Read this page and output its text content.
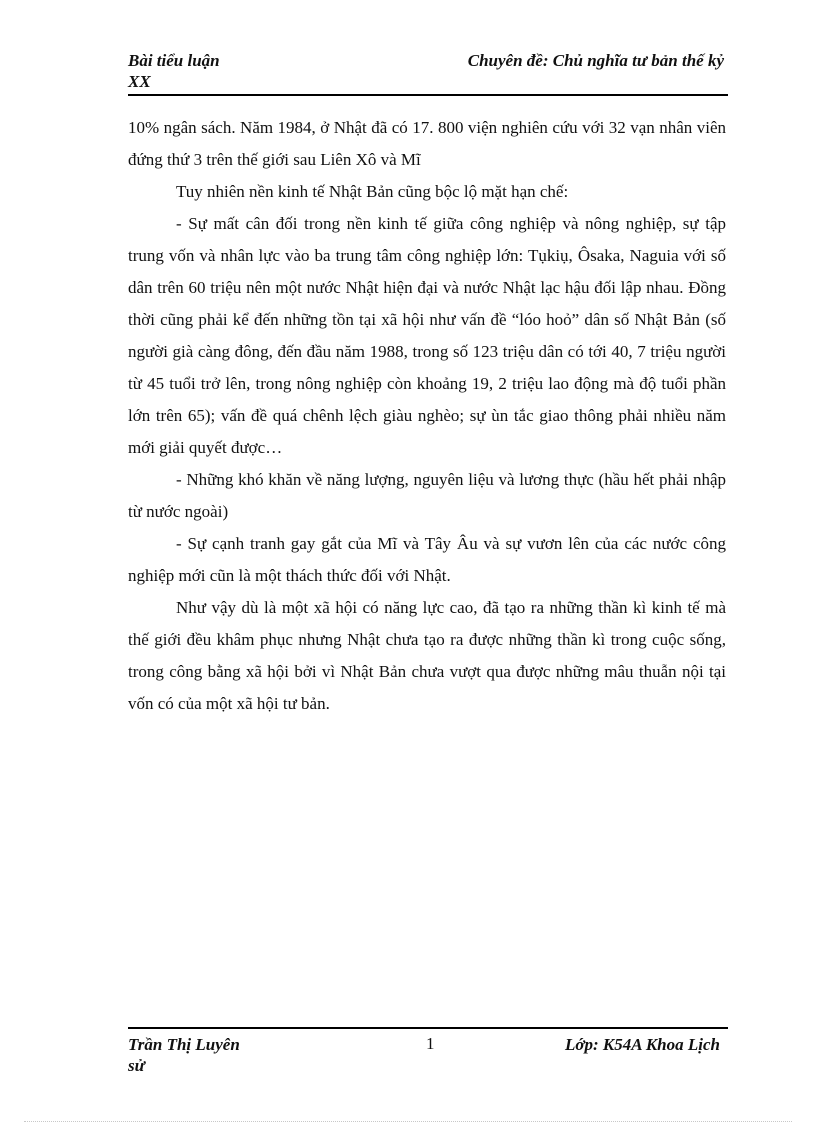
Bài tiểu luận
XX
Chuyên đề: Chủ nghĩa tư bản thế kỷ

10% ngân sách. Năm 1984, ở Nhật đã có 17. 800 viện nghiên cứu với 32 vạn nhân viên đứng thứ 3 trên thế giới sau Liên Xô và Mĩ

Tuy nhiên nền kinh tế Nhật Bản cũng bộc lộ mặt hạn chế:

- Sự mất cân đối trong nền kinh tế giữa công nghiệp và nông nghiệp, sự tập trung vốn và nhân lực vào ba trung tâm công nghiệp lớn: Tụkiụ, Ôsaka, Naguia với số dân trên 60 triệu nên một nước Nhật hiện đại và nước Nhật lạc hậu đối lập nhau. Đồng thời cũng phải kể đến những tồn tại xã hội như vấn đề “lóo hoỏ” dân số Nhật Bản (số người già càng đông, đến đầu năm 1988, trong số 123 triệu dân có tới 40, 7 triệu người từ 45 tuổi trở lên, trong nông nghiệp còn khoảng 19, 2 triệu lao động mà độ tuổi phần lớn trên 65); vấn đề quá chênh lệch giàu nghèo; sự ùn tắc giao thông phải nhiều năm mới giải quyết được…

- Những khó khăn về năng lượng, nguyên liệu và lương thực (hầu hết phải nhập từ nước ngoài)

- Sự cạnh tranh gay gắt của Mĩ và Tây Âu và sự vươn lên của các nước công nghiệp mới cũn là một thách thức đối với Nhật.

Như vậy dù là một xã hội có năng lực cao, đã tạo ra những thần kì kinh tế mà thế giới đều khâm phục nhưng Nhật chưa tạo ra được những thần kì trong cuộc sống, trong công bằng xã hội bởi vì Nhật Bản chưa vượt qua được những mâu thuẫn nội tại vốn có của một xã hội tư bản.

Trần Thị Luyên
sử
1	Lớp: K54A Khoa Lịch
